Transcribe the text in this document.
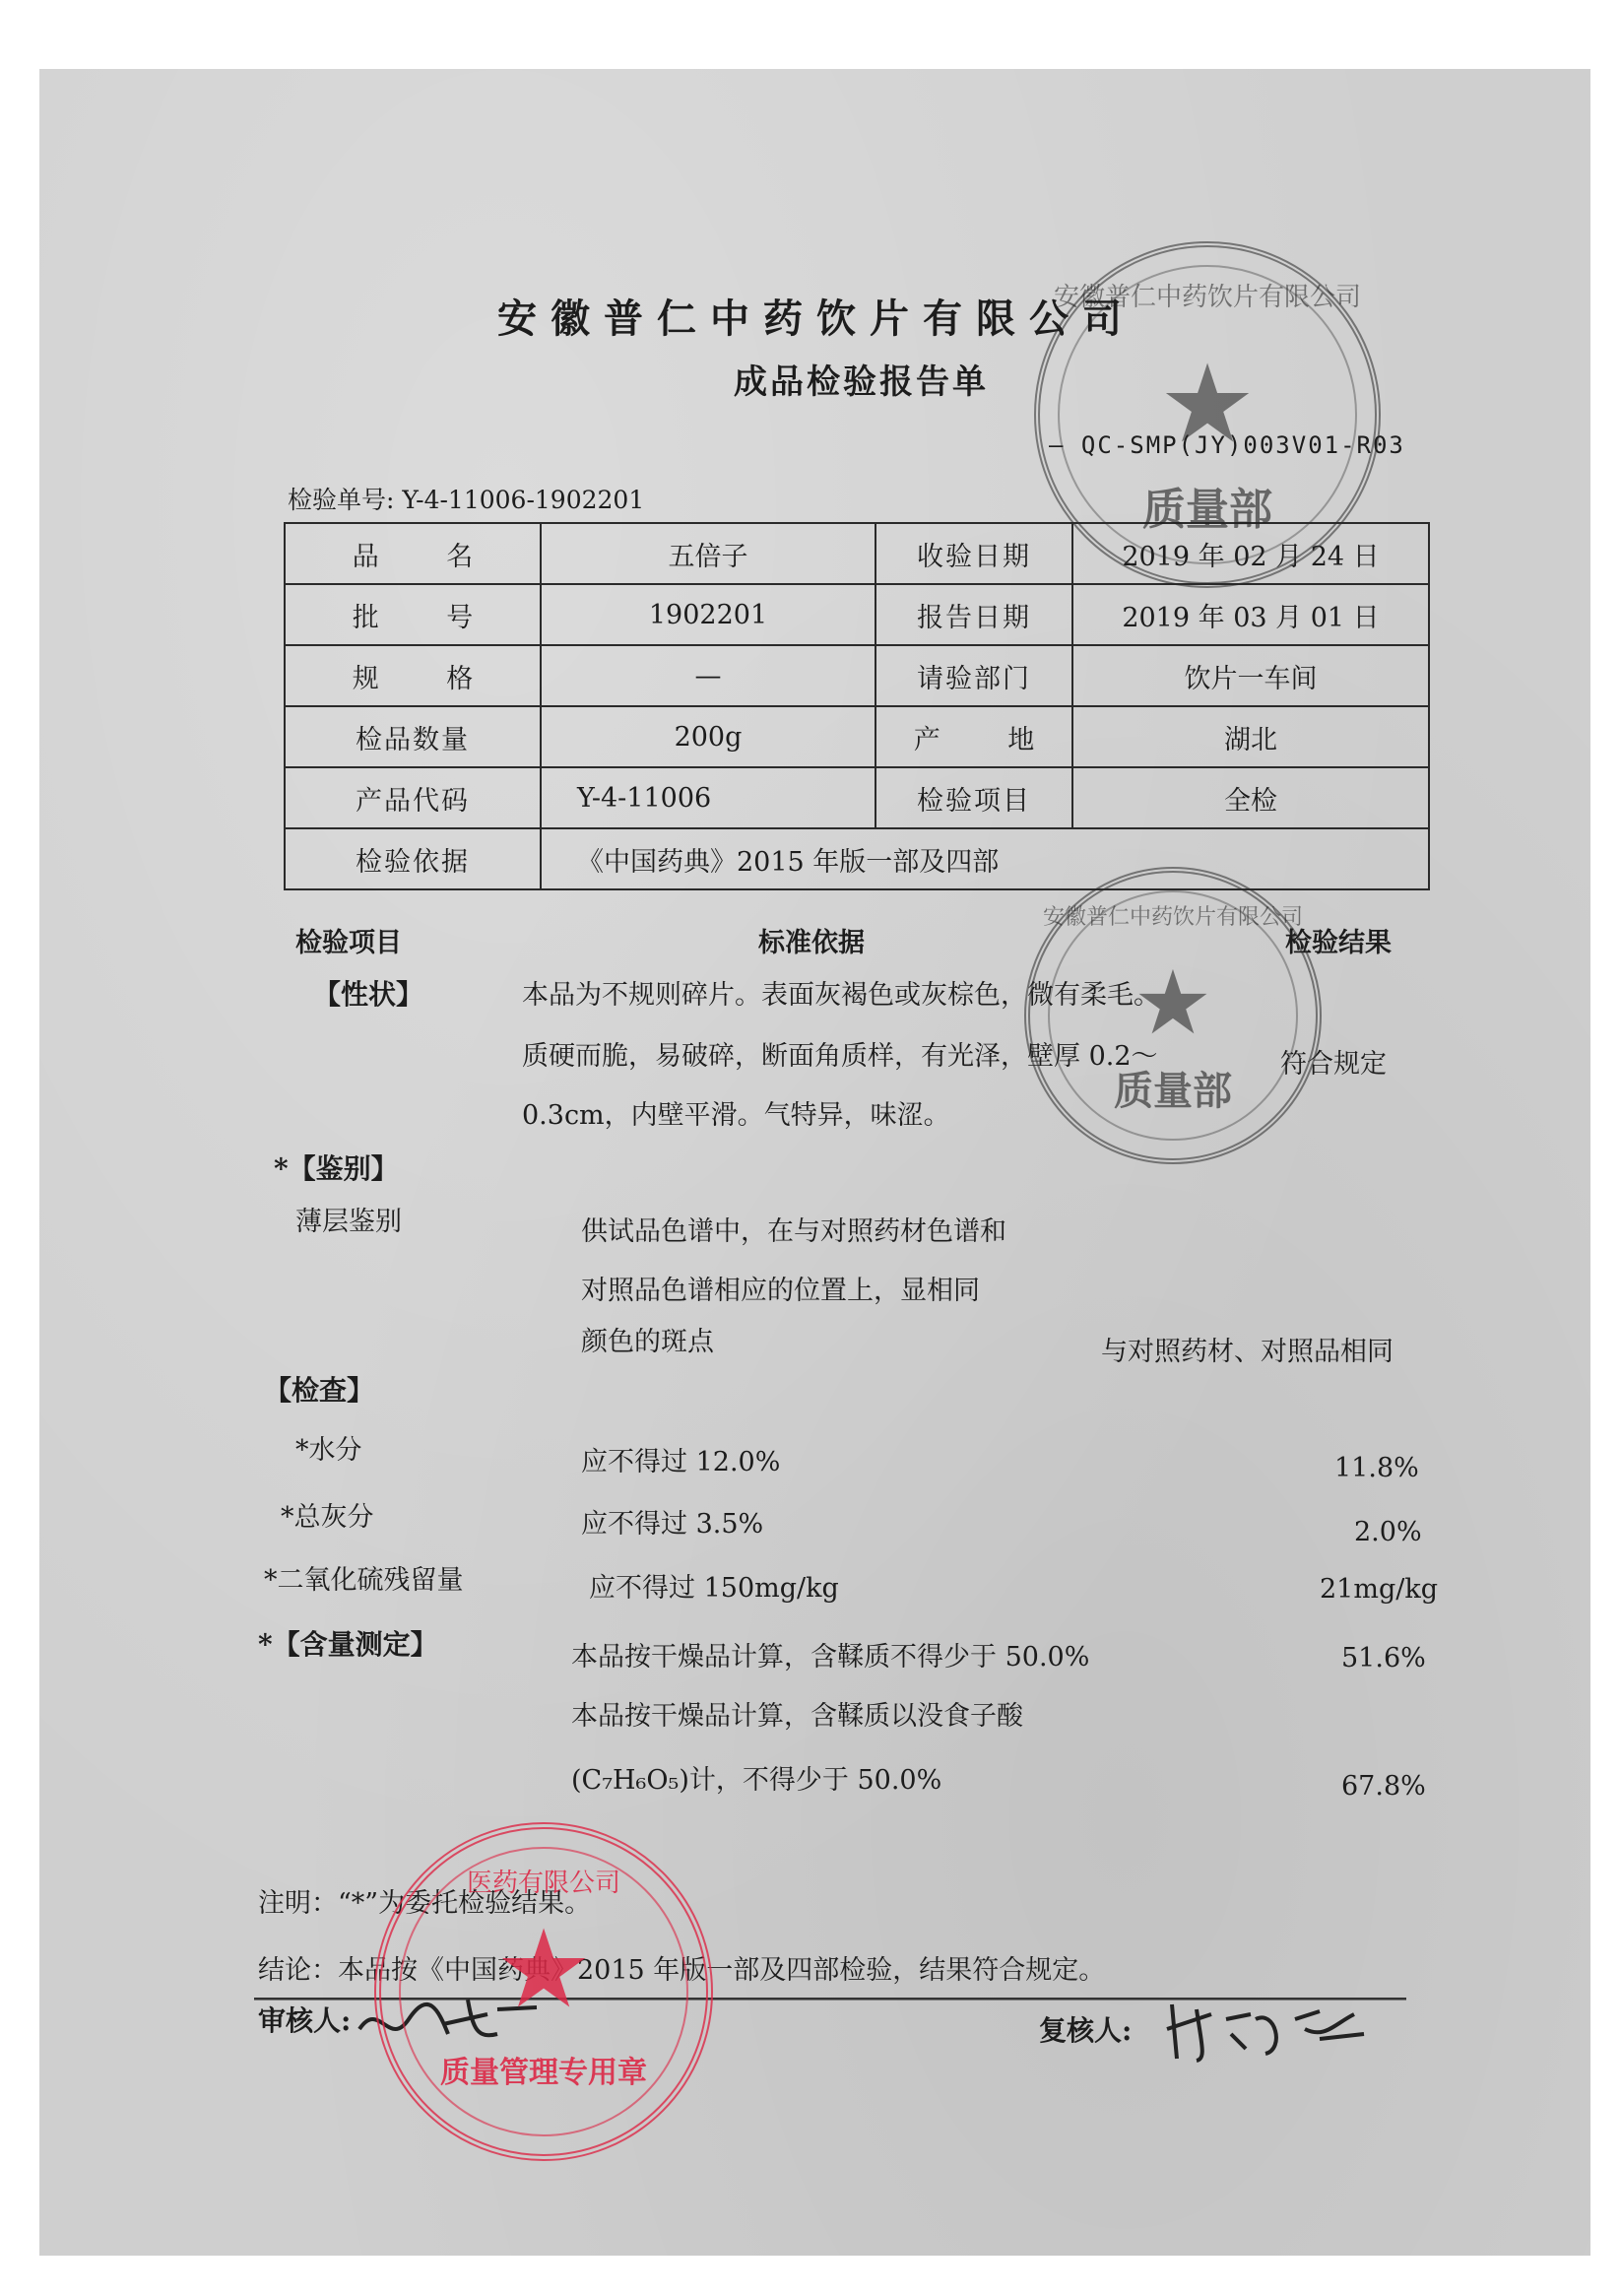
安徽普仁中药饮片有限公司
成品检验报告单
— QC-SMP(JY)003V01-R03
检验单号: Y-4-11006-1902201
品 名	五倍子	收验日期	2019 年 02 月 24 日
批 号	1902201	报告日期	2019 年 03 月 01 日
规 格	—	请验部门	饮片一车间
检品数量	200g	产 地	湖北
产品代码	Y-4-11006	检验项目	全检
检验依据	《中国药典》2015 年版一部及四部		
检验项目	标准依据	检验结果
【性状】	本品为不规则碎片。表面灰褐色或灰棕色，微有柔毛。
质硬而脆，易破碎，断面角质样，有光泽，壁厚 0.2～
0.3cm，内壁平滑。气特异，味涩。
符合规定
*【鉴别】
薄层鉴别	供试品色谱中，在与对照药材色谱和
对照品色谱相应的位置上，显相同
颜色的斑点	与对照药材、对照品相同
【检查】
*水分	应不得过 12.0%	11.8%
*总灰分	应不得过 3.5%	2.0%
*二氧化硫残留量	应不得过 150mg/kg	21mg/kg
*【含量测定】	本品按干燥品计算，含鞣质不得少于 50.0%	51.6%
本品按干燥品计算，含鞣质以没食子酸
(C₇H₆O₅)计，不得少于 50.0%	67.8%
注明：“*”为委托检验结果。
结论：本品按《中国药典》2015 年版一部及四部检验，结果符合规定。
审核人:	复核人:
安徽普仁中药饮片有限公司
★
质量部
安徽普仁中药饮片有限公司
★
质量部
医药有限公司
★
质量管理专用章
